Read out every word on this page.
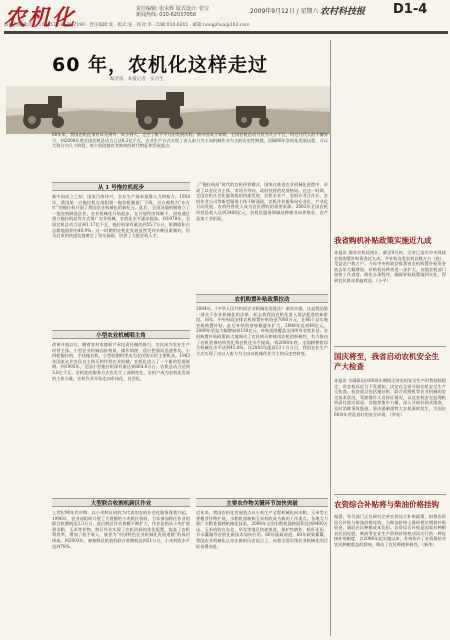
农机化	责任编辑: 张永辉 版式设计: 张宝
新闻热线: 010-62037058	2009年9月12日 / 星期六 农村科技报 D1-4
新闻热线:电话 · 传真:0571-8575-7190 · 责任编辑:张 · 版式:张 · 校对:李 · 印刷:010-6201 · 邮箱:nongjihua@163.com
60 年，农机化这样走过
编者按 · 本报记者 · 实习生
60年来，我国农机化事业从无到有、从小到大，走过了极不平凡的发展历程。新中国成立初期，全国农机总动力仅为几万千瓦，经过几代人的不懈努力，到2008年底全国农机总动力已达8.2亿千瓦，农业生产方式实现了由人畜力为主向机械作业为主的历史性跨越。回顾60年农机化发展历程，可以大致分为几个阶段，每个阶段都有其鲜明的时代特征和发展重点。
从 1 号拖拉机起步
新中国成立之初，国家百废待兴，农业生产基本依靠人力和畜力。1958年，我国第一台拖拉机在洛阳第一拖拉机制造厂下线，这台被称为“东方红”的拖拉机开创了我国农业机械化的新纪元。此后，全国各地相继建立了一批农机制造企业，农业机械化开始起步。在计划经济体制下，国家通过建立拖拉机站等方式推广农业机械，农机化水平逐步提高。到1978年，全国农机总动力达到1.17亿千瓦，拖拉机保有量达到55.7万台，机耕面积占总耕地面积的40.9%。这一时期的农机化发展虽然受到多种因素制约，但为后来的快速发展奠定了坚实基础，培养了大批农机人才。
小型农业机械唱主角
改革开放以后，随着农村家庭联产承包责任制的推行，农民成为农业生产经营主体，小型农业机械因价格低、操作简便、适应性强而迅速普及。小四轮拖拉机、手扶拖拉机、小型收割机等成为农民购买的主要机具。1983年国家允许农民自主购买和经营农业机械，农机化进入了一个新的发展时期。到1995年，全国小型拖拉机保有量达到864.6万台，农机总动力达到3.6亿千瓦。农机化的服务方式也发生了深刻变化，农机户成为农机化发展的主体力量，农机作业开始走向市场化、社会化。
大型联合收割机跨区作业
上世纪90年代中期，以小麦跨区机收为代表的农机社会化服务蓬勃兴起。1996年，农业部组织开展了大规模的小麦跨区机收，当年参加跨区作业的联合收割机达2.3万台。此后跨区作业规模不断扩大，作业范围从小麦扩展到水稻、玉米等作物。跨区作业实现了农机资源的优化配置，提高了农机利用率，增加了机手收入，被誉为“中国特色农业机械化发展道路”的成功探索。到2003年，参加跨区机收的联合收割机达到21万台，小麦机收水平达到78%。
了“拖拉机站”时代的农机经营模式，国家在推进农业机械化进程中，形成了以农民为主体、市场为导向、政府扶持的发展格局。在这一时期，全国农机社会化服务组织快速发展，农机专业户、农机专业合作社、农机作业公司等新型服务主体不断涌现，农机作业服务向专业化、产业化方向发展。农机经营收入成为农民增收的重要来源。2003年全国农机经营总收入达到2400亿元，农机化服务领域从种植业向养殖业、农产品加工业拓展。
农机购置补贴政策拉动
2004年，《中华人民共和国农业机械化促进法》颁布实施，这是我国第一部关于农业机械化的法律，标志着我国农机化进入依法促进的新阶段。同年，中央财政安排农机购置补贴资金7000万元，在66个县实施农机购置补贴。此后补贴资金规模逐年扩大，2008年达到40亿元，2009年更是大幅增加到130亿元，补贴范围覆盖全国所有农牧业县。农机购置补贴政策极大地调动了农民购买和使用农机的积极性，有力推动了农机装备结构优化和农机化水平提高。到2008年底，全国耕种收综合机械化水平达到45.8%，比2003年提高13个百分点，我国农业生产方式实现了由以人畜力为主向以机械作业为主的历史性转变。
主要农作物关键环节加快突破
近年来，我国农机化发展重点从小麦生产全程机械化向水稻、玉米等主要粮食作物扩展，水稻机插秧和玉米机收成为新的工作重点。各地大力推广水稻育插秧机械化技术，2008年全国水稻机插秧面积达到8400万亩。玉米机收在东北、华北等地区快速推进，保护性耕作、秸秆还田、节水灌溉等农机化新技术加快应用。60年砥砺奋进，60年硕果累累，我国农业机械化正站在新的历史起点上，向着全面实现农业机械化的目标奋勇前进。
我省购机补贴政策实施近九成
本报讯 据省农机局统计，截至9月初，全省已落实中央财政农机购置补贴资金近九成，共补贴各类农机具数万台（套），受益农户数万户。今年中央财政安排我省农机购置补贴资金较去年大幅增加，补贴机具种类进一步扩大。各地农机部门加快工作进度，简化办事程序，确保补贴政策落到实处，得到农民群众普遍欢迎。（小平）
国庆将至，我省启动农机安全生产大检查
本报讯 为确保国庆60周年期间全省农机安全生产形势持续稳定，省农机局近日下发通知，决定在全省开展农机安全生产大检查。检查重点包括拖拉机、联合收割机等农业机械的安全技术状况，驾驶操作人员持证情况，以及农机安全监理机构责任落实情况。各地要集中力量，深入开展拉网式排查，及时消除事故隐患，坚决遏制重特大农机事故发生，为国庆60周年营造良好的安全环境。（李亮）
农资综合补贴将与柴油价格挂钩
据悉，有关部门正在研究完善农资综合补贴政策，拟将农资综合补贴与柴油价格挂钩，当柴油价格上涨时相应增加补贴资金，减轻农民种粮成本负担。农资综合补贴是国家对种粮农民因化肥、柴油等农业生产资料价格变动而实行的一种直接补贴制度，自2006年起实施以来，有效弥补了农资涨价对农民种粮收益的影响，调动了农民种粮积极性。（新华）
